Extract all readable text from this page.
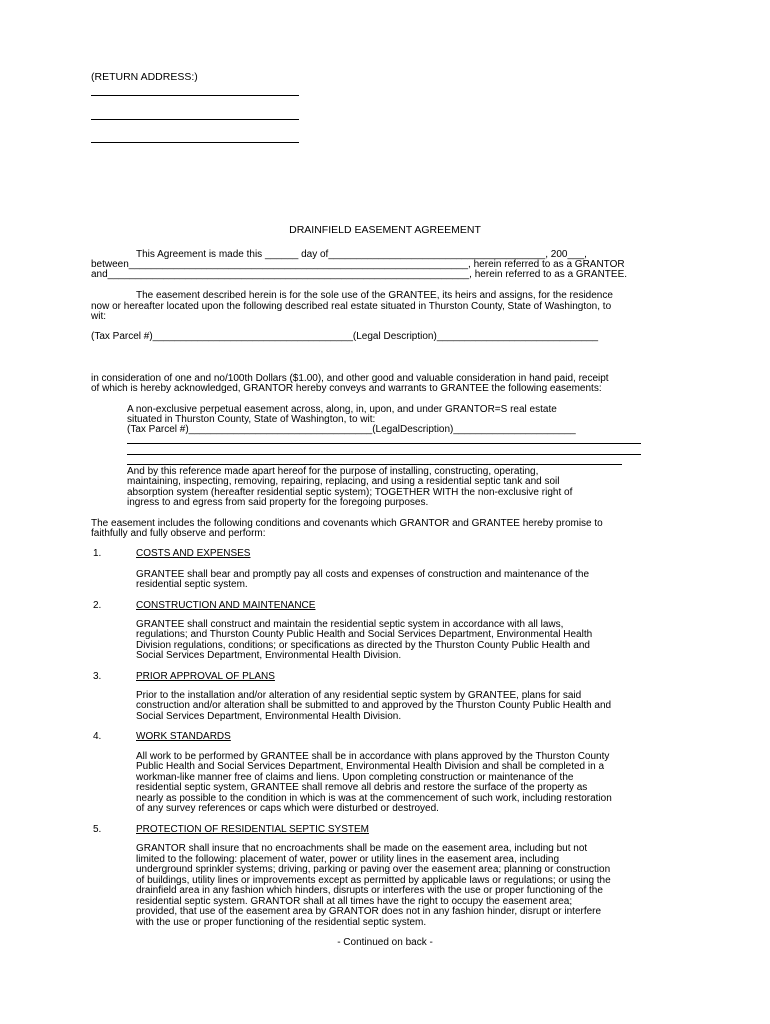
(RETURN ADDRESS:)
DRAINFIELD EASEMENT AGREEMENT
This Agreement is made this ______ day of_______________________________________, 200___,
between_____________________________________________________________, herein referred to as a GRANTOR
and_________________________________________________________________, herein referred to as a GRANTEE.
The easement described herein is for the sole use of the GRANTEE, its heirs and assigns, for the residence
now or hereafter located upon the following described real estate situated in Thurston County, State of Washington, to
wit:
(Tax Parcel #)____________________________________(Legal Description)_____________________________
in consideration of one and no/100th Dollars ($1.00), and other good and valuable consideration in hand paid, receipt
of which is hereby acknowledged, GRANTOR hereby conveys and warrants to GRANTEE the following easements:
A non-exclusive perpetual easement across, along, in, upon, and under GRANTOR=S real estate
situated in Thurston County, State of Washington, to wit:
(Tax Parcel #)_________________________________(LegalDescription)______________________
And by this reference made apart hereof for the purpose of installing, constructing, operating,
maintaining, inspecting, removing, repairing, replacing, and using a residential septic tank and soil
absorption system (hereafter residential septic system); TOGETHER WITH the non-exclusive right of
ingress to and egress from said property for the foregoing purposes.
The easement includes the following conditions and covenants which GRANTOR and GRANTEE hereby promise to
faithfully and fully observe and perform:
1.	COSTS AND EXPENSES
GRANTEE shall bear and promptly pay all costs and expenses of construction and maintenance of the
residential septic system.
2.	CONSTRUCTION AND MAINTENANCE
GRANTEE shall construct and maintain the residential septic system in accordance with all laws,
regulations; and Thurston County Public Health and Social Services Department, Environmental Health
Division regulations, conditions; or specifications as directed by the Thurston County Public Health and
Social Services Department, Environmental Health Division.
3.	PRIOR APPROVAL OF PLANS
Prior to the installation and/or alteration of any residential septic system by GRANTEE, plans for said
construction and/or alteration shall be submitted to and approved by the Thurston County Public Health and
Social Services Department, Environmental Health Division.
4.	WORK STANDARDS
All work to be performed by GRANTEE shall be in accordance with plans approved by the Thurston County
Public Health and Social Services Department, Environmental Health Division and shall be completed in a
workman-like manner free of claims and liens. Upon completing construction or maintenance of the
residential septic system, GRANTEE shall remove all debris and restore the surface of the property as
nearly as possible to the condition in which is was at the commencement of such work, including restoration
of any survey references or caps which were disturbed or destroyed.
5.	PROTECTION OF RESIDENTIAL SEPTIC SYSTEM
GRANTOR shall insure that no encroachments shall be made on the easement area, including but not
limited to the following: placement of water, power or utility lines in the easement area, including
underground sprinkler systems; driving, parking or paving over the easement area; planning or construction
of buildings, utility lines or improvements except as permitted by applicable laws or regulations; or using the
drainfield area in any fashion which hinders, disrupts or interferes with the use or proper functioning of the
residential septic system. GRANTOR shall at all times have the right to occupy the easement area;
provided, that use of the easement area by GRANTOR does not in any fashion hinder, disrupt or interfere
with the use or proper functioning of the residential septic system.
- Continued on back -
